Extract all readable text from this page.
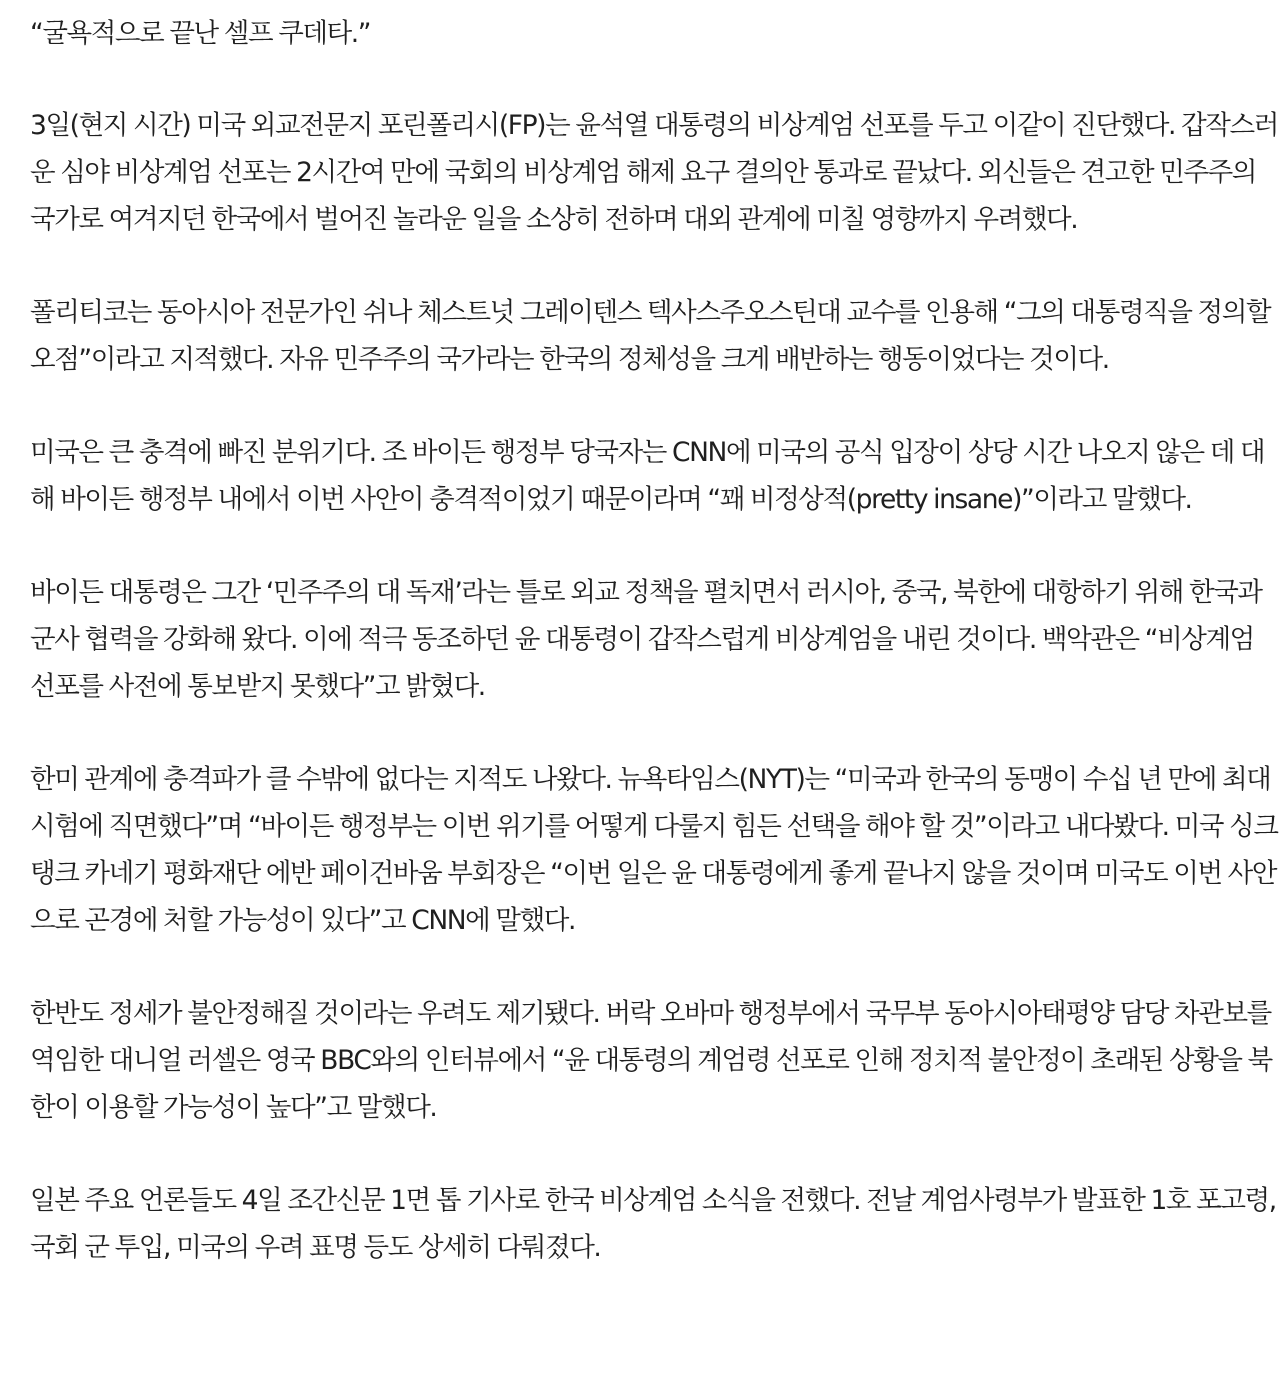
“굴욕적으로 끝난 셀프 쿠데타.”

3일(현지 시간) 미국 외교전문지 포린폴리시(FP)는 윤석열 대통령의 비상계엄 선포를 두고 이같이 진단했다. 갑작스러운 심야 비상계엄 선포는 2시간여 만에 국회의 비상계엄 해제 요구 결의안 통과로 끝났다. 외신들은 견고한 민주주의 국가로 여겨지던 한국에서 벌어진 놀라운 일을 소상히 전하며 대외 관계에 미칠 영향까지 우려했다.

폴리티코는 동아시아 전문가인 쉬나 체스트넛 그레이텐스 텍사스주오스틴대 교수를 인용해 “그의 대통령직을 정의할 오점”이라고 지적했다. 자유 민주주의 국가라는 한국의 정체성을 크게 배반하는 행동이었다는 것이다.

미국은 큰 충격에 빠진 분위기다. 조 바이든 행정부 당국자는 CNN에 미국의 공식 입장이 상당 시간 나오지 않은 데 대해 바이든 행정부 내에서 이번 사안이 충격적이었기 때문이라며 “꽤 비정상적(pretty insane)”이라고 말했다.

바이든 대통령은 그간 ‘민주주의 대 독재’라는 틀로 외교 정책을 펼치면서 러시아, 중국, 북한에 대항하기 위해 한국과 군사 협력을 강화해 왔다. 이에 적극 동조하던 윤 대통령이 갑작스럽게 비상계엄을 내린 것이다. 백악관은 “비상계엄 선포를 사전에 통보받지 못했다”고 밝혔다.

한미 관계에 충격파가 클 수밖에 없다는 지적도 나왔다. 뉴욕타임스(NYT)는 “미국과 한국의 동맹이 수십 년 만에 최대 시험에 직면했다”며 “바이든 행정부는 이번 위기를 어떻게 다룰지 힘든 선택을 해야 할 것”이라고 내다봤다. 미국 싱크탱크 카네기 평화재단 에반 페이건바움 부회장은 “이번 일은 윤 대통령에게 좋게 끝나지 않을 것이며 미국도 이번 사안으로 곤경에 처할 가능성이 있다”고 CNN에 말했다.

한반도 정세가 불안정해질 것이라는 우려도 제기됐다. 버락 오바마 행정부에서 국무부 동아시아태평양 담당 차관보를 역임한 대니얼 러셀은 영국 BBC와의 인터뷰에서 “윤 대통령의 계엄령 선포로 인해 정치적 불안정이 초래된 상황을 북한이 이용할 가능성이 높다”고 말했다.

일본 주요 언론들도 4일 조간신문 1면 톱 기사로 한국 비상계엄 소식을 전했다. 전날 계엄사령부가 발표한 1호 포고령, 국회 군 투입, 미국의 우려 표명 등도 상세히 다뤄졌다.
